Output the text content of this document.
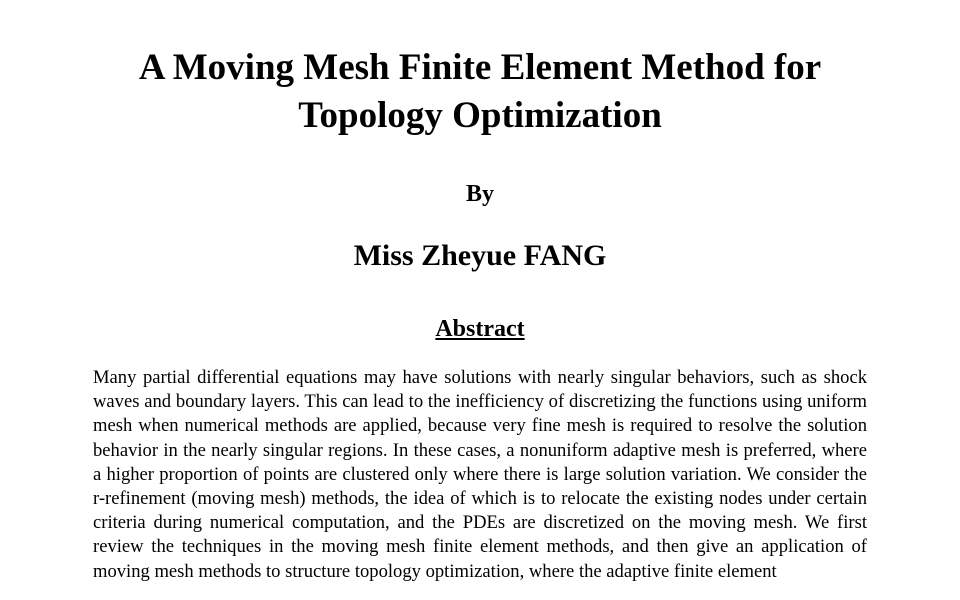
A Moving Mesh Finite Element Method for
Topology Optimization

By

Miss Zheyue FANG

Abstract

Many partial differential equations may have solutions with nearly singular behaviors, such as shock waves and boundary layers. This can lead to the inefficiency of discretizing the functions using uniform mesh when numerical methods are applied, because very fine mesh is required to resolve the solution behavior in the nearly singular regions. In these cases, a nonuniform adaptive mesh is preferred, where a higher proportion of points are clustered only where there is large solution variation. We consider the r-refinement (moving mesh) methods, the idea of which is to relocate the existing nodes under certain criteria during numerical computation, and the PDEs are discretized on the moving mesh. We first review the techniques in the moving mesh finite element methods, and then give an application of moving mesh methods to structure topology optimization, where the adaptive finite element
